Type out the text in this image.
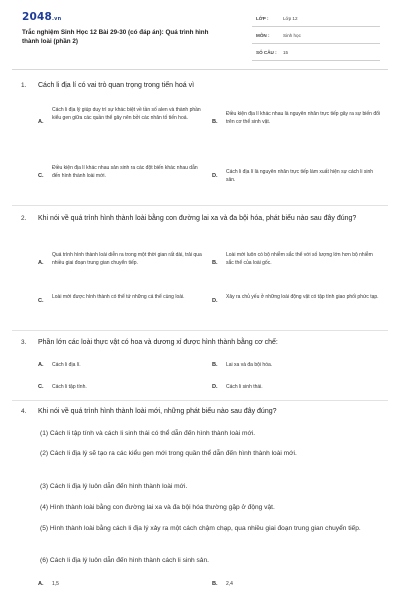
2048.vn
Trắc nghiệm Sinh Học 12 Bài 29-30 (có đáp án): Quá trình hình thành loài (phần 2)
LỚP :	Lớp 12
MÔN :	Sinh học
SỐ CÂU : 15
1. Cách li địa lí có vai trò quan trọng trong tiến hoá vì
A.
Cách li địa lý giúp duy trì sự khác biệt về tần số alen và thành phần kiểu gen giữa các quần thể gây nên bởi các nhân tố tiến hoá.
B.
Điều kiện địa lí khác nhau là nguyên nhân trực tiếp gây ra sự biến đổi trên cơ thể sinh vật.
C.
Điều kiện địa lí khác nhau sản sinh ra các đột biến khác nhau dẫn đến hình thành loài mới.	D.
Cách li địa lí là nguyên nhân trực tiếp làm xuất hiện sự cách li sinh sản.
2. Khi nói về quá trình hình thành loài bằng con đường lai xa và đa bội hóa, phát biểu nào sau đây đúng?
A.
Quá trình hình thành loài diễn ra trong một thời gian rất dài, trải qua nhiều giai đoạn trung gian chuyển tiếp.	B.
Loài mới luôn có bộ nhiễm sắc thể với số lượng lớn hơn bộ nhiễm sắc thể của loài gốc.
C.
Loài mới được hình thành có thể tứ những cá thể cùng loài.
D.
Xảy ra chủ yếu ở những loài động vật có tập tính giao phối phức tạp.
3. Phần lớn các loài thực vật có hoa và dương xỉ được hình thành bằng cơ chế:
A. Cách li địa lí.	B. Lai xa và đa bội hóa.
C. Cách li tập tính.	D. Cách li sinh thái.
4. Khi nói về quá trình hình thành loài mới, những phát biểu nào sau đây đúng?
(1) Cách li tập tính và cách li sinh thái có thể dẫn đến hình thành loài mới.
(2) Cách li địa lý sẽ tạo ra các kiểu gen mới trong quần thể dẫn đến hình thành loài mới.
(3) Cách li địa lý luôn dẫn đến hình thành loài mới.
(4) Hình thành loài bằng con đường lai xa và đa bội hóa thường gặp ở động vật.
(5) Hình thành loài bằng cách li địa lý xảy ra một cách chậm chạp, qua nhiều giai đoạn trung gian chuyển tiếp.
(6) Cách li địa lý luôn dẫn đến hình thành cách li sinh sản.
A. 1,5	B. 2,4
